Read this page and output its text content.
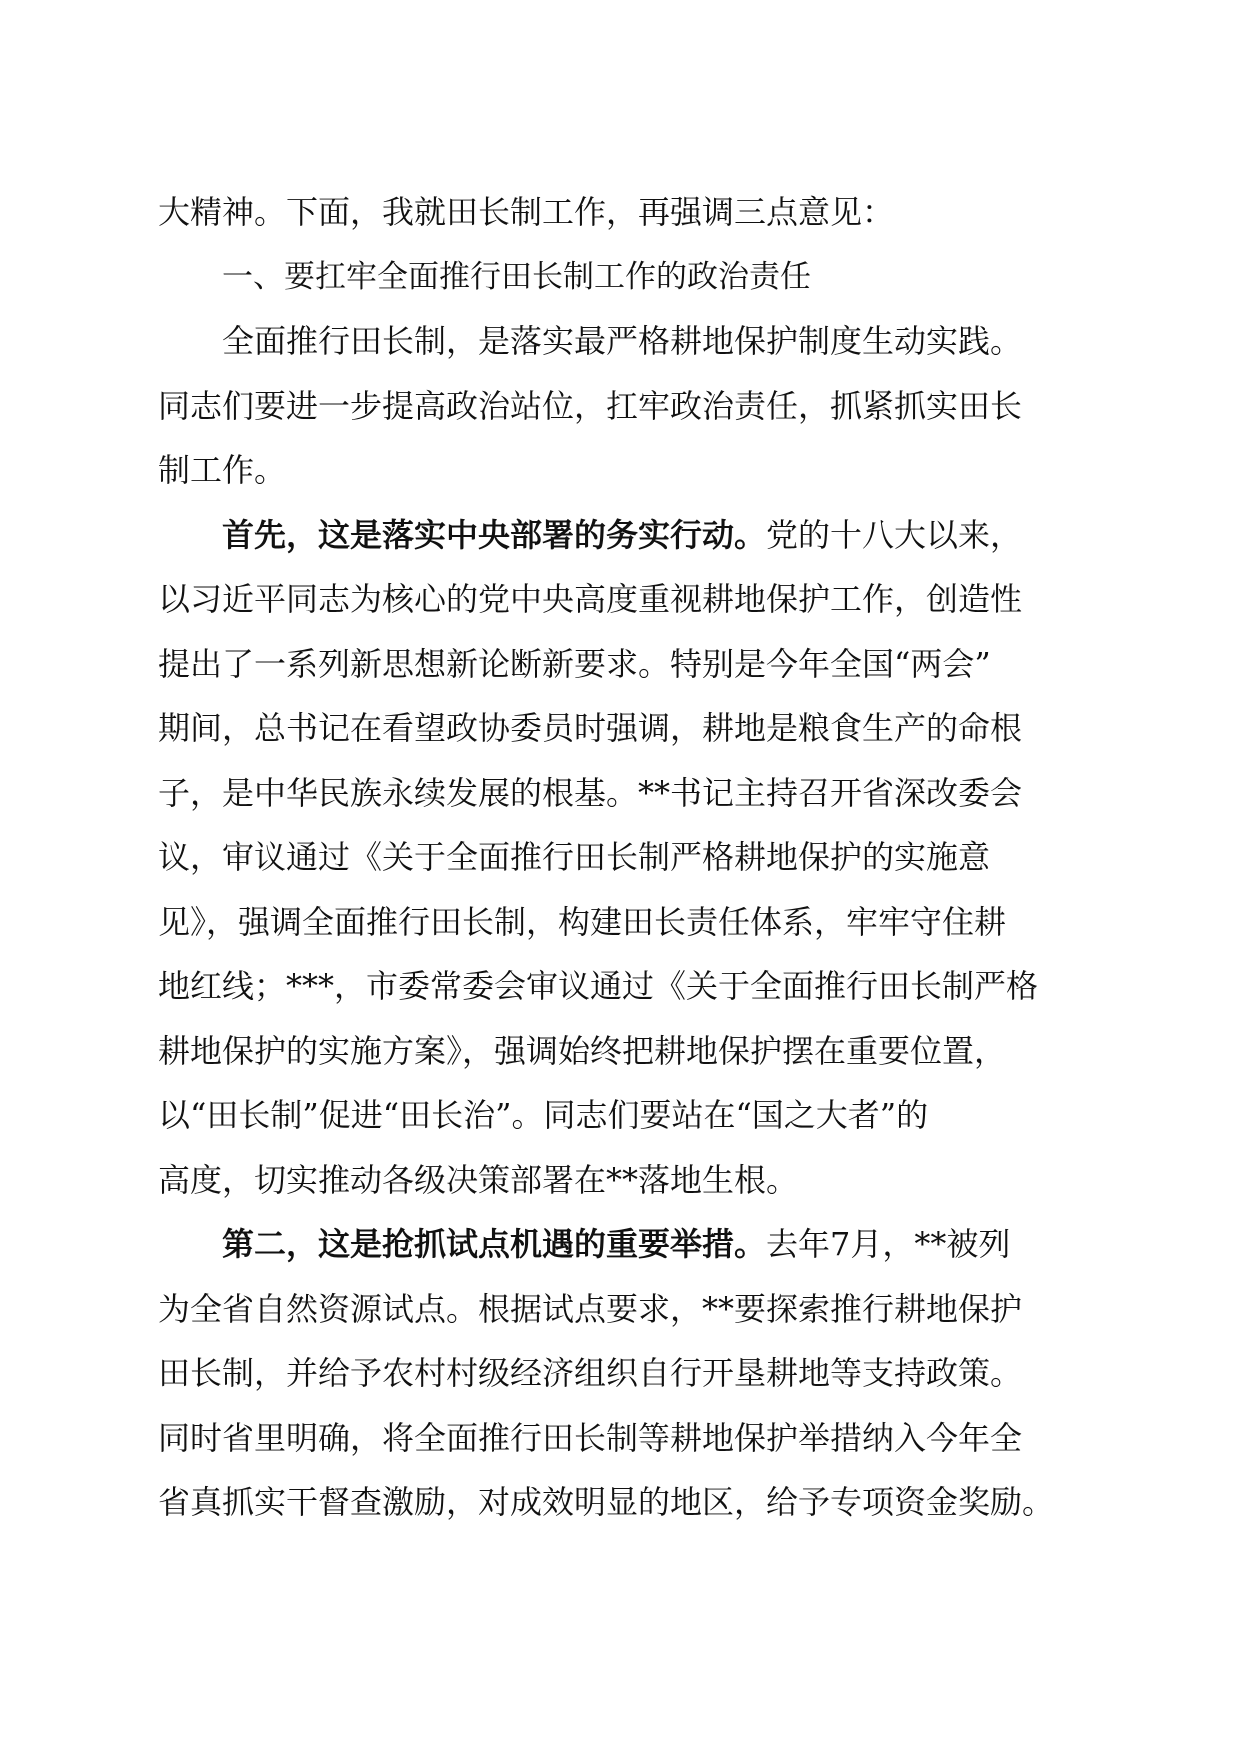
大精神。下面，我就田长制工作，再强调三点意见：
一、要扛牢全面推行田长制工作的政治责任
全面推行田长制，是落实最严格耕地保护制度生动实践。
同志们要进一步提高政治站位，扛牢政治责任，抓紧抓实田长
制工作。
首先，这是落实中央部署的务实行动。党的十八大以来，
以习近平同志为核心的党中央高度重视耕地保护工作，创造性
提出了一系列新思想新论断新要求。特别是今年全国“两会”
期间，总书记在看望政协委员时强调，耕地是粮食生产的命根
子，是中华民族永续发展的根基。**书记主持召开省深改委会
议，审议通过《关于全面推行田长制严格耕地保护的实施意
见》，强调全面推行田长制，构建田长责任体系，牢牢守住耕
地红线；***，市委常委会审议通过《关于全面推行田长制严格
耕地保护的实施方案》，强调始终把耕地保护摆在重要位置，
以“田长制”促进“田长治”。同志们要站在“国之大者”的
高度，切实推动各级决策部署在**落地生根。
第二，这是抢抓试点机遇的重要举措。去年7月，**被列
为全省自然资源试点。根据试点要求，**要探索推行耕地保护
田长制，并给予农村村级经济组织自行开垦耕地等支持政策。
同时省里明确，将全面推行田长制等耕地保护举措纳入今年全
省真抓实干督查激励，对成效明显的地区，给予专项资金奖励。
